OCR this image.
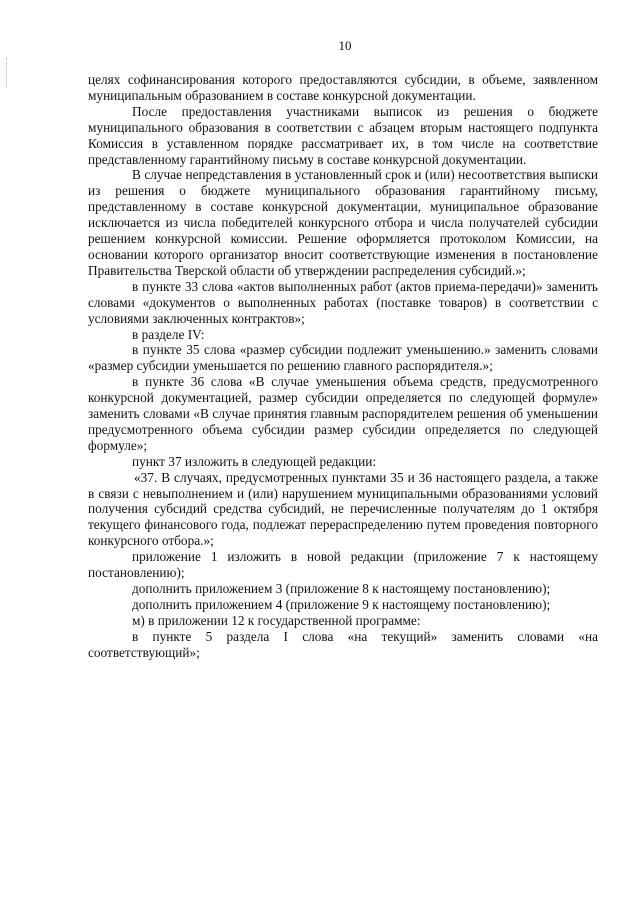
10

целях софинансирования которого предоставляются субсидии, в объеме, заявленном муниципальным образованием в составе конкурсной документации.

После предоставления участниками выписок из решения о бюджете муниципального образования в соответствии с абзацем вторым настоящего подпункта Комиссия в уставленном порядке рассматривает их, в том числе на соответствие представленному гарантийному письму в составе конкурсной документации.

В случае непредставления в установленный срок и (или) несоответствия выписки из решения о бюджете муниципального образования гарантийному письму, представленному в составе конкурсной документации, муниципальное образование исключается из числа победителей конкурсного отбора и числа получателей субсидии решением конкурсной комиссии. Решение оформляется протоколом Комиссии, на основании которого организатор вносит соответствующие изменения в постановление Правительства Тверской области об утверждении распределения субсидий.»;

в пункте 33 слова «актов выполненных работ (актов приема-передачи)» заменить словами «документов о выполненных работах (поставке товаров) в соответствии с условиями заключенных контрактов»;

в разделе IV:

в пункте 35 слова «размер субсидии подлежит уменьшению.» заменить словами «размер субсидии уменьшается по решению главного распорядителя.»;

в пункте 36 слова «В случае уменьшения объема средств, предусмотренного конкурсной документацией, размер субсидии определяется по следующей формуле» заменить словами «В случае принятия главным распорядителем решения об уменьшении предусмотренного объема субсидии размер субсидии определяется по следующей формуле»;

пункт 37 изложить в следующей редакции:

«37. В случаях, предусмотренных пунктами 35 и 36 настоящего раздела, а также в связи с невыполнением и (или) нарушением муниципальными образованиями условий получения субсидий средства субсидий, не перечисленные получателям до 1 октября текущего финансового года, подлежат перераспределению путем проведения повторного конкурсного отбора.»;

приложение 1 изложить в новой редакции (приложение 7 к настоящему постановлению);

дополнить приложением 3 (приложение 8 к настоящему постановлению);

дополнить приложением 4 (приложение 9 к настоящему постановлению);

м) в приложении 12 к государственной программе:

в пункте 5 раздела I слова «на текущий» заменить словами «на соответствующий»;
